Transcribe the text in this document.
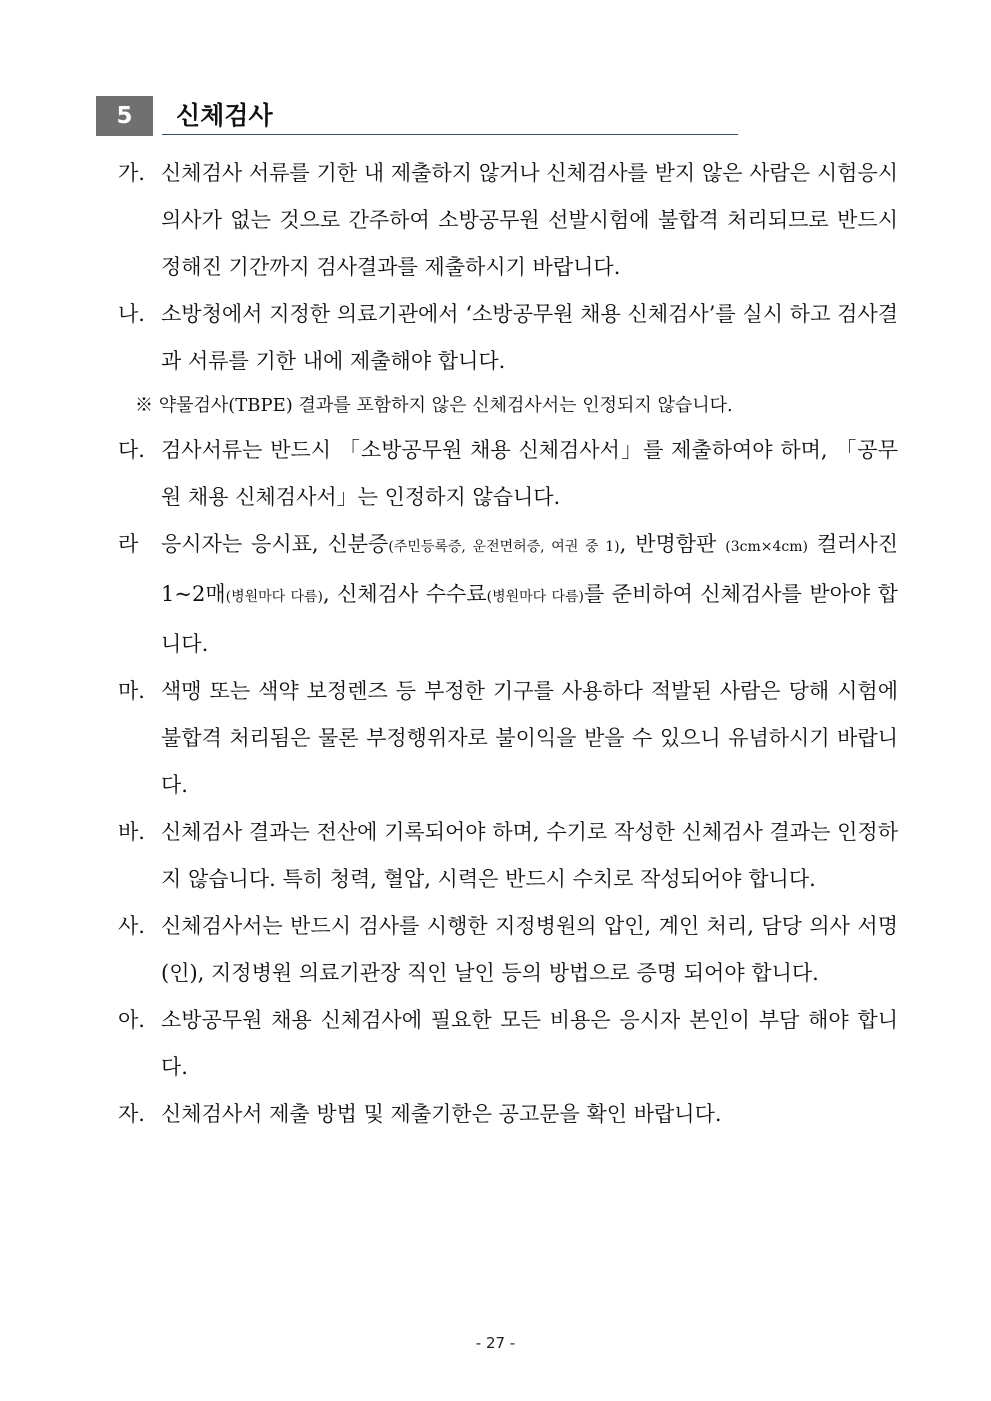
5	신체검사
가. 신체검사 서류를 기한 내 제출하지 않거나 신체검사를 받지 않은 사람은 시험응시 의사가 없는 것으로 간주하여 소방공무원 선발시험에 불합격 처리되므로 반드시 정해진 기간까지 검사결과를 제출하시기 바랍니다.
나. 소방청에서 지정한 의료기관에서 ‘소방공무원 채용 신체검사’를 실시 하고 검사결과 서류를 기한 내에 제출해야 합니다.
※ 약물검사(TBPE) 결과를 포함하지 않은 신체검사서는 인정되지 않습니다.
다. 검사서류는 반드시 「소방공무원 채용 신체검사서」를 제출하여야 하며, 「공무원 채용 신체검사서」는 인정하지 않습니다.
라 응시자는 응시표, 신분증(주민등록증, 운전면허증, 여권 중 1), 반명함판 (3cm×4cm) 컬러사진 1~2매(병원마다 다름), 신체검사 수수료(병원마다 다름)를 준비하여 신체검사를 받아야 합니다.
마. 색맹 또는 색약 보정렌즈 등 부정한 기구를 사용하다 적발된 사람은 당해 시험에 불합격 처리됨은 물론 부정행위자로 불이익을 받을 수 있으니 유념하시기 바랍니다.
바. 신체검사 결과는 전산에 기록되어야 하며, 수기로 작성한 신체검사 결과는 인정하지 않습니다. 특히 청력, 혈압, 시력은 반드시 수치로 작성되어야 합니다.
사. 신체검사서는 반드시 검사를 시행한 지정병원의 압인, 계인 처리, 담당 의사 서명(인), 지정병원 의료기관장 직인 날인 등의 방법으로 증명 되어야 합니다.
아. 소방공무원 채용 신체검사에 필요한 모든 비용은 응시자 본인이 부담 해야 합니다.
자. 신체검사서 제출 방법 및 제출기한은 공고문을 확인 바랍니다.
- 27 -
